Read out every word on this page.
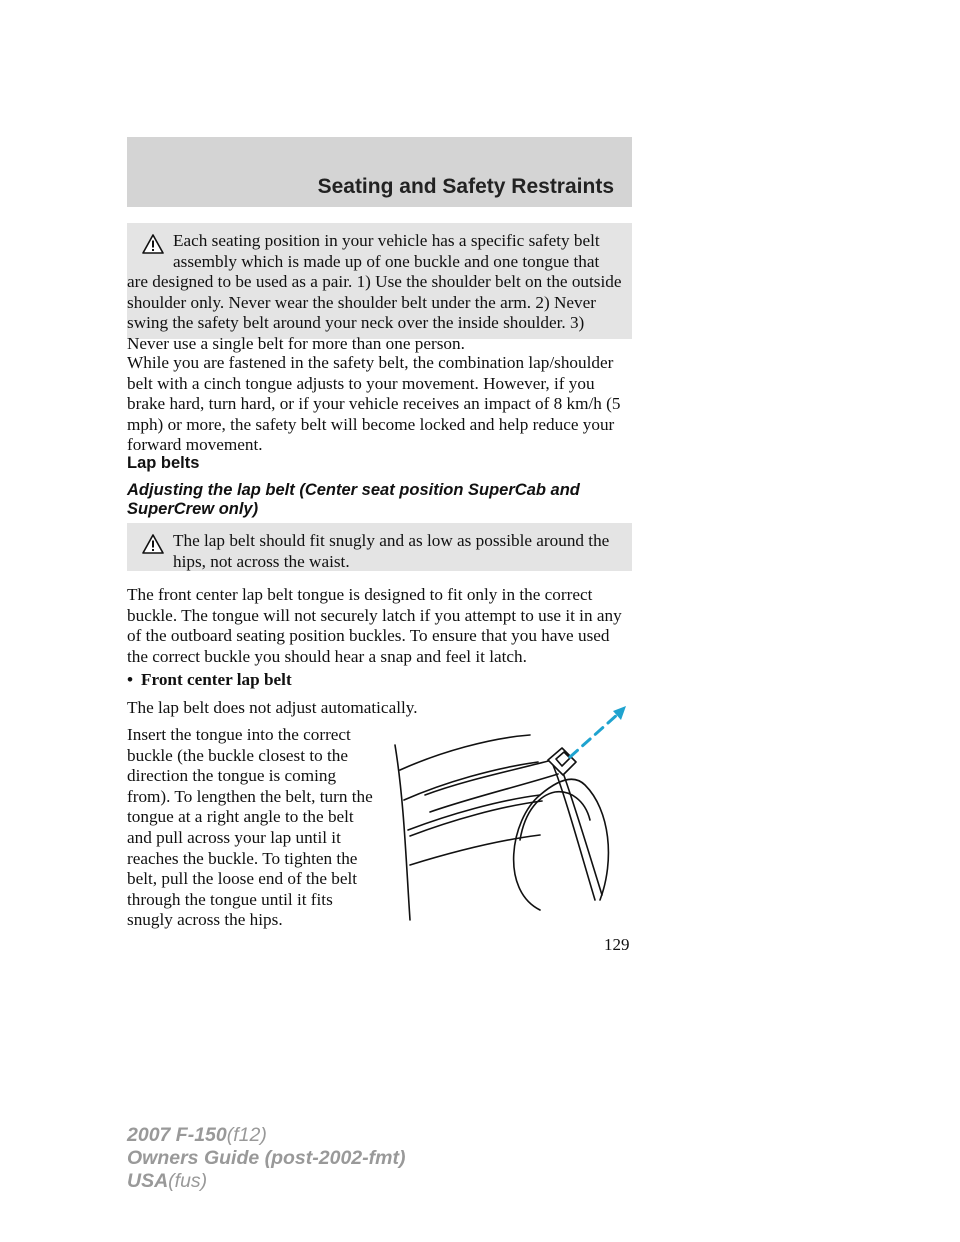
Seating and Safety Restraints

Each seating position in your vehicle has a specific safety belt assembly which is made up of one buckle and one tongue that are designed to be used as a pair. 1) Use the shoulder belt on the outside shoulder only. Never wear the shoulder belt under the arm. 2) Never swing the safety belt around your neck over the inside shoulder. 3) Never use a single belt for more than one person.

While you are fastened in the safety belt, the combination lap/shoulder belt with a cinch tongue adjusts to your movement. However, if you brake hard, turn hard, or if your vehicle receives an impact of 8 km/h (5 mph) or more, the safety belt will become locked and help reduce your forward movement.

Lap belts
Adjusting the lap belt (Center seat position SuperCab and SuperCrew only)

The lap belt should fit snugly and as low as possible around the hips, not across the waist.

The front center lap belt tongue is designed to fit only in the correct buckle. The tongue will not securely latch if you attempt to use it in any of the outboard seating position buckles. To ensure that you have used the correct buckle you should hear a snap and feel it latch.

• Front center lap belt

The lap belt does not adjust automatically.

Insert the tongue into the correct buckle (the buckle closest to the direction the tongue is coming from). To lengthen the belt, turn the tongue at a right angle to the belt and pull across your lap until it reaches the buckle. To tighten the belt, pull the loose end of the belt through the tongue until it fits snugly across the hips.

129
2007 F-150(f12)
Owners Guide (post-2002-fmt)
USA(fus)
